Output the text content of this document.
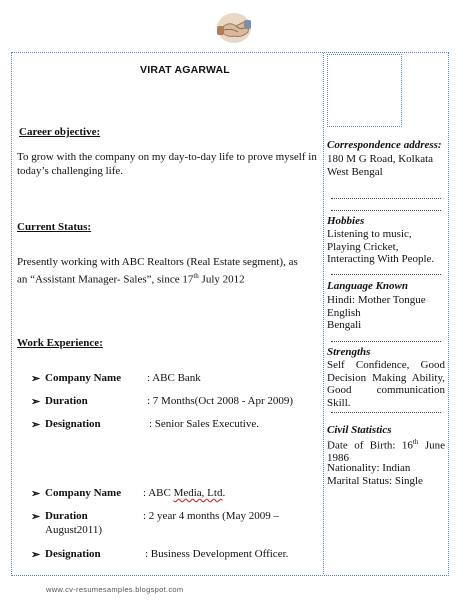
VIRAT AGARWAL
Career objective:
To grow with the company on my day-to-day life to prove myself in today’s challenging life.
Current Status:
Presently working with ABC Realtors (Real Estate segment), as an “Assistant Manager- Sales”, since 17th July 2012
Work Experience:
➢ Company Name : ABC Bank
➢ Duration	: 7 Months(Oct 2008 - Apr 2009)
➢ Designation	: Senior Sales Executive.
➢ Company Name : ABC Media, Ltd.
➢ Duration	: 2 year 4 months (May 2009 –
August2011)
➢ Designation	: Business Development Officer.
Correspondence address:
180 M G Road, Kolkata
West Bengal
Hobbies
Listening to music,
Playing Cricket,
Interacting With People.
Language Known
Hindi: Mother Tongue
English
Bengali
Strengths
Self Confidence, Good Decision Making Ability, Good communication Skill.
Civil Statistics
Date of Birth: 16th June 1986
Nationality: Indian
Marital Status: Single
www.cv-resumesamples.blogspot.com
